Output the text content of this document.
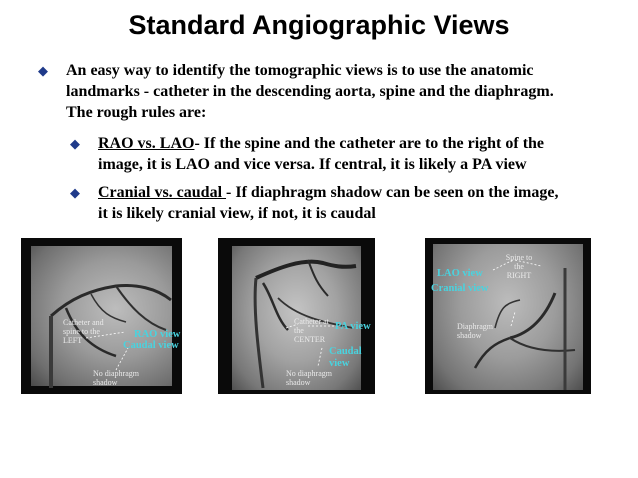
Standard Angiographic Views
◆ An easy way to identify the tomographic views is to use the anatomic
landmarks - catheter in the descending aorta, spine and the diaphragm.
The rough rules are:
◆ RAO vs. LAO- If the spine and the catheter are to the right of the
image, it is LAO and vice versa. If central, it is likely a PA view
◆ Cranial vs. caudal - If diaphragm shadow can be seen on the image,
it is likely cranial view, if not, it is caudal
Catheter and
spine to the
LEFT
RAO view
Caudal view
No diaphragm
shadow
Catheter at
the
CENTER
PA view
Caudal
view
No diaphragm
shadow
Spine to
the
RIGHT
LAO view
Cranial view
Diaphragm
shadow
